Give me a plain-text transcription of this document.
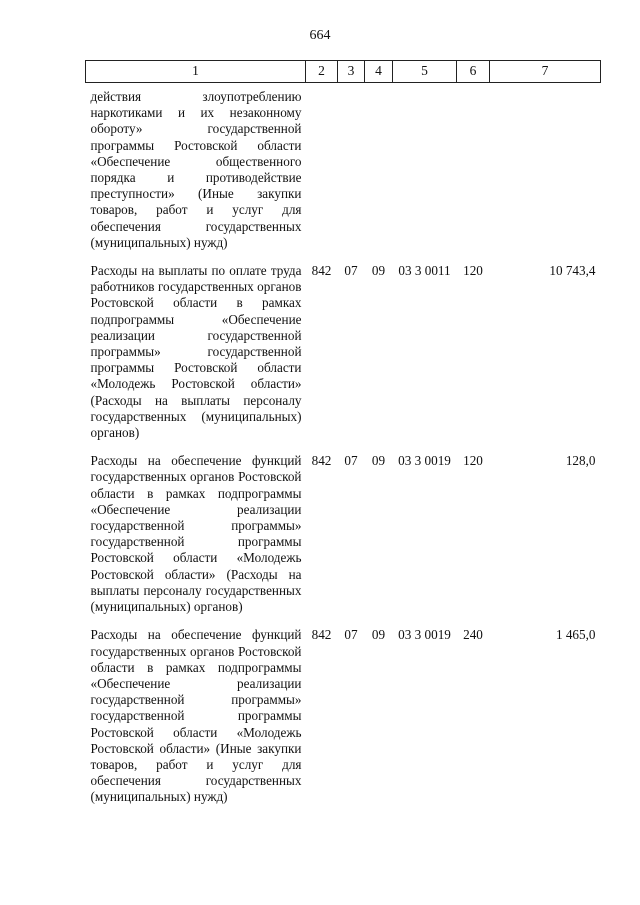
664
1	2	3	4	5	6	7
действия злоупотреблению наркотиками и их незаконному обороту» государственной программы Ростовской области «Обеспечение общественного порядка и противодействие преступности» (Иные закупки товаров, работ и услуг для обеспечения государственных (муниципальных) нужд)						
Расходы на выплаты по оплате труда работников государственных органов Ростовской области в рамках подпрограммы «Обеспечение реализации государственной программы» государственной программы Ростовской области «Молодежь Ростовской области» (Расходы на выплаты персоналу государственных (муниципальных) органов)	842	07	09	03 3 0011	120	10 743,4
Расходы на обеспечение функций государственных органов Ростовской области в рамках подпрограммы «Обеспечение реализации государственной программы» государственной программы Ростовской области «Молодежь Ростовской области» (Расходы на выплаты персоналу государственных (муниципальных) органов)	842	07	09	03 3 0019	120	128,0
Расходы на обеспечение функций государственных органов Ростовской области в рамках подпрограммы «Обеспечение реализации государственной программы» государственной программы Ростовской области «Молодежь Ростовской области» (Иные закупки товаров, работ и услуг для обеспечения государственных (муниципальных) нужд)	842	07	09	03 3 0019	240	1 465,0
